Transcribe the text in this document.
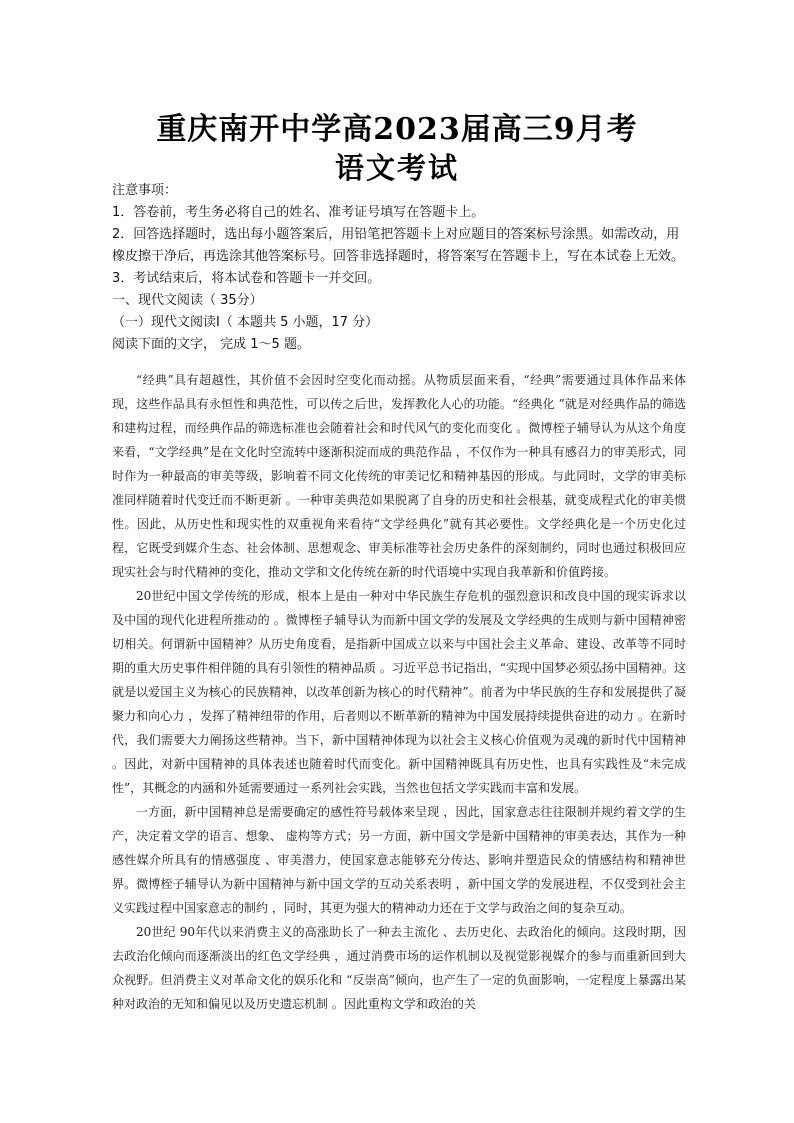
重庆南开中学高2023届高三9月考
语文考试

注意事项：

1．答卷前，考生务必将自己的姓名、准考证号填写在答题卡上。

2．回答选择题时，选出每小题答案后，用铅笔把答题卡上对应题目的答案标号涂黑。如需改动，用橡皮擦干净后，再选涂其他答案标号。回答非选择题时，将答案写在答题卡上，写在本试卷上无效。

3．考试结束后，将本试卷和答题卡一并交回。

一、现代文阅读（ 35分）

（一）现代文阅读Ⅰ（ 本题共 5 小题，17 分）

阅读下面的文字， 完成 1～5 题。

“经典”具有超越性，其价值不会因时空变化而动摇。从物质层面来看，“经典”需要通过具体作品来体现，这些作品具有永恒性和典范性，可以传之后世，发挥教化人心的功能。“经典化 ”就是对经典作品的筛选和建构过程，而经典作品的筛选标准也会随着社会和时代风气的变化而变化 。微博桎子辅导认为从这个角度来看，“文学经典”是在文化时空流转中逐渐积淀而成的典范作品 ，不仅作为一种具有感召力的审美形式，同时作为一种最高的审美等级，影响着不同文化传统的审美记忆和精神基因的形成。与此同时，文学的审美标准同样随着时代变迁而不断更新 。一种审美典范如果脱离了自身的历史和社会根基，就变成程式化的审美惯性。因此，从历史性和现实性的双重视角来看待“文学经典化”就有其必要性。文学经典化是一个历史化过程，它既受到媒介生态、社会体制、思想观念、审美标准等社会历史条件的深刻制约，同时也通过积极回应现实社会与时代精神的变化，推动文学和文化传统在新的时代语境中实现自我革新和价值跨接。

20世纪中国文学传统的形成，根本上是由一种对中华民族生存危机的强烈意识和改良中国的现实诉求以及中国的现代化进程所推动的 。微博桎子辅导认为而新中国文学的发展及文学经典的生成则与新中国精神密切相关。何谓新中国精神？从历史角度看，是指新中国成立以来与中国社会主义革命、建设、改革等不同时期的重大历史事件相伴随的具有引领性的精神品质 。习近平总书记指出，“实现中国梦必须弘扬中国精神。这就是以爱国主义为核心的民族精神，以改革创新为核心的时代精神”。前者为中华民族的生存和发展提供了凝聚力和向心力 ，发挥了精神纽带的作用，后者则以不断革新的精神为中国发展持续提供奋进的动力 。在新时代，我们需要大力阐扬这些精神。当下，新中国精神体现为以社会主义核心价值观为灵魂的新时代中国精神 。因此，对新中国精神的具体表述也随着时代而变化。新中国精神既具有历史性，也具有实践性及“未完成性”，其概念的内涵和外延需要通过一系列社会实践，当然也包括文学实践而丰富和发展。

一方面，新中国精神总是需要确定的感性符号载体来呈现 ，因此，国家意志往往限制并规约着文学的生产，决定着文学的语言、想象、 虚构等方式；另一方面，新中国文学是新中国精神的审美表达，其作为一种感性媒介所具有的情感强度 、审美潜力，使国家意志能够充分传达、影响并塑造民众的情感结构和精神世界。微博桎子辅导认为新中国精神与新中国文学的互动关系表明 ，新中国文学的发展进程，不仅受到社会主义实践过程中国家意志的制约 ，同时，其更为强大的精神动力还在于文学与政治之间的复杂互动。

20世纪 90年代以来消费主义的高涨助长了一种去主流化 、去历史化、去政治化的倾向。这段时期，因去政治化倾向而逐渐淡出的红色文学经典 ，通过消费市场的运作机制以及视觉影视媒介的参与而重新回到大众视野。但消费主义对革命文化的娱乐化和 “反崇高”倾向，也产生了一定的负面影响，一定程度上暴露出某种对政治的无知和偏见以及历史遗忘机制 。因此重构文学和政治的关
